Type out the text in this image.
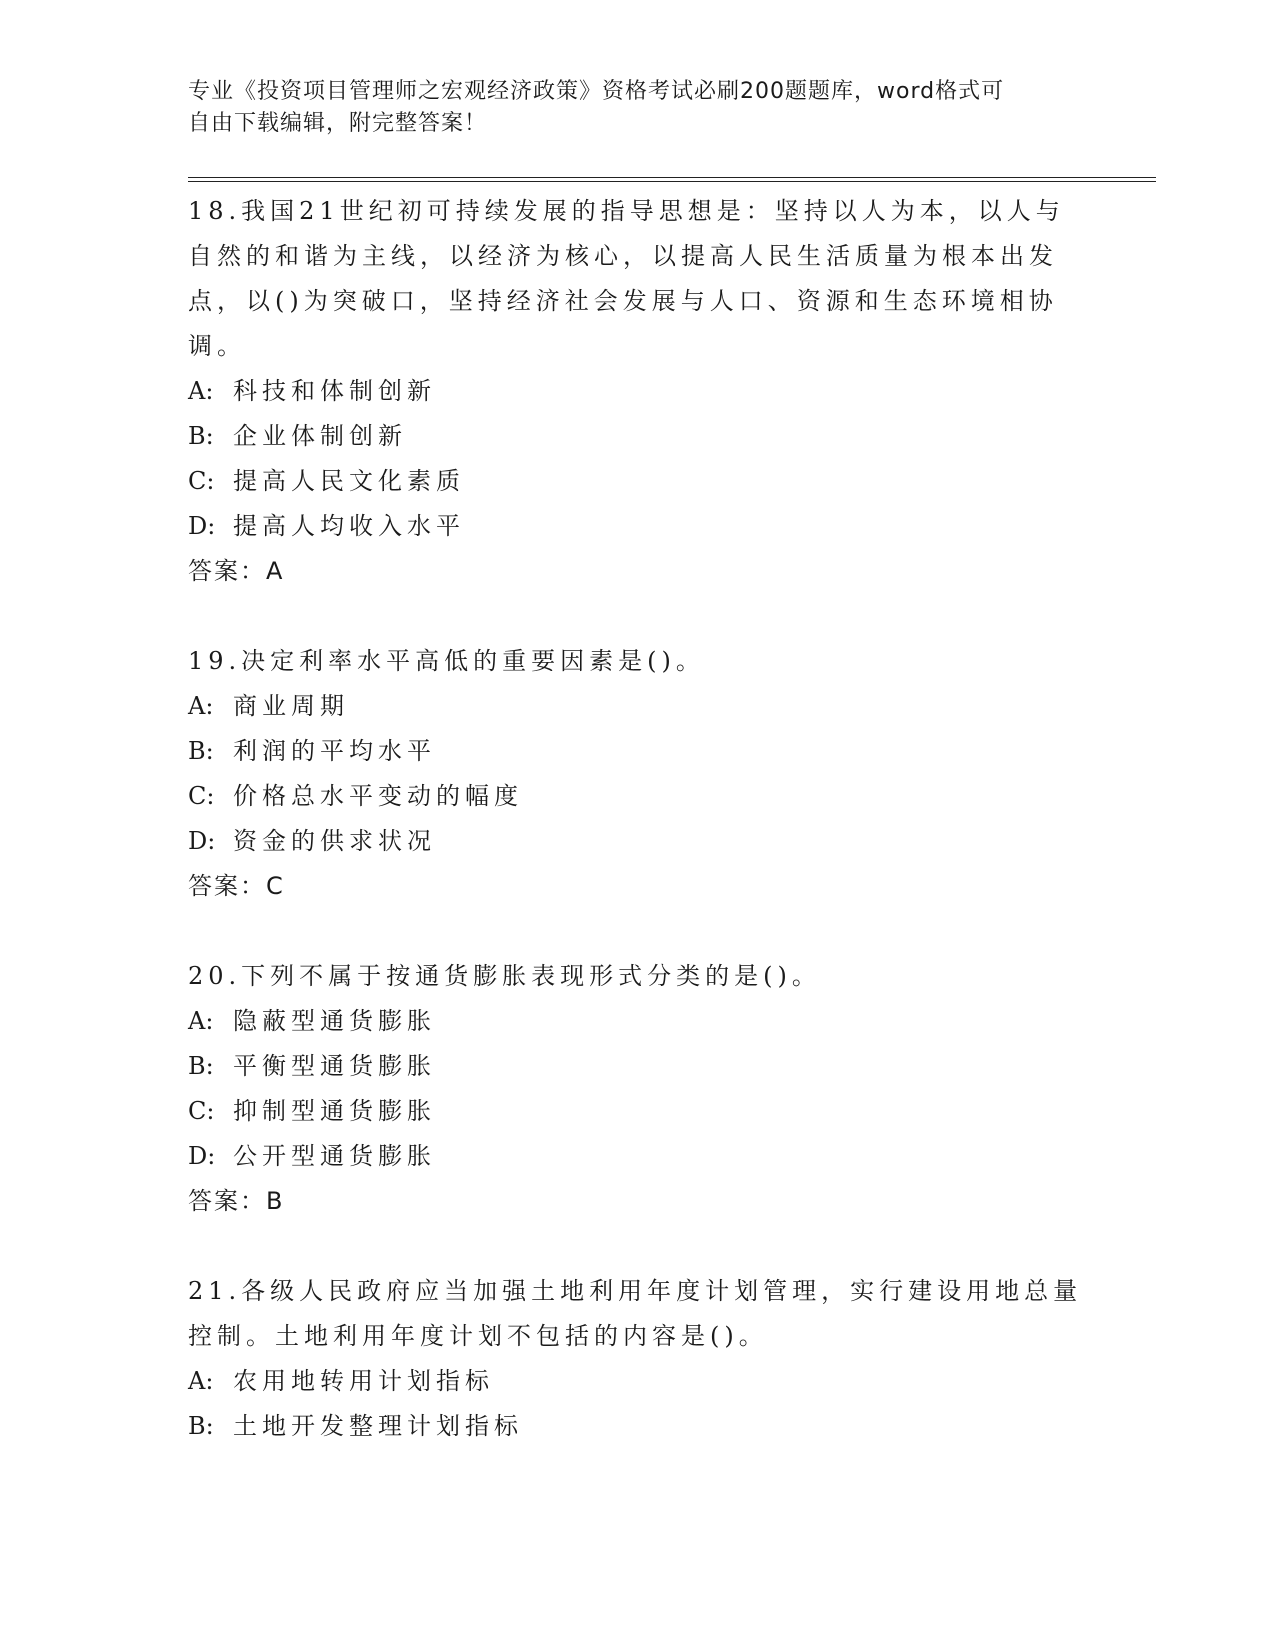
专业《投资项目管理师之宏观经济政策》资格考试必刷200题题库，word格式可
自由下载编辑，附完整答案！

18.我国21世纪初可持续发展的指导思想是：坚持以人为本，以人与

自然的和谐为主线，以经济为核心，以提高人民生活质量为根本出发

点，以()为突破口，坚持经济社会发展与人口、资源和生态环境相协

调。

A: 科技和体制创新

B: 企业体制创新

C: 提高人民文化素质

D: 提高人均收入水平

答案：A

19.决定利率水平高低的重要因素是()。

A: 商业周期

B: 利润的平均水平

C: 价格总水平变动的幅度

D: 资金的供求状况

答案：C

20.下列不属于按通货膨胀表现形式分类的是()。

A: 隐蔽型通货膨胀

B: 平衡型通货膨胀

C: 抑制型通货膨胀

D: 公开型通货膨胀

答案：B

21.各级人民政府应当加强土地利用年度计划管理，实行建设用地总量

控制。土地利用年度计划不包括的内容是()。

A: 农用地转用计划指标

B: 土地开发整理计划指标
